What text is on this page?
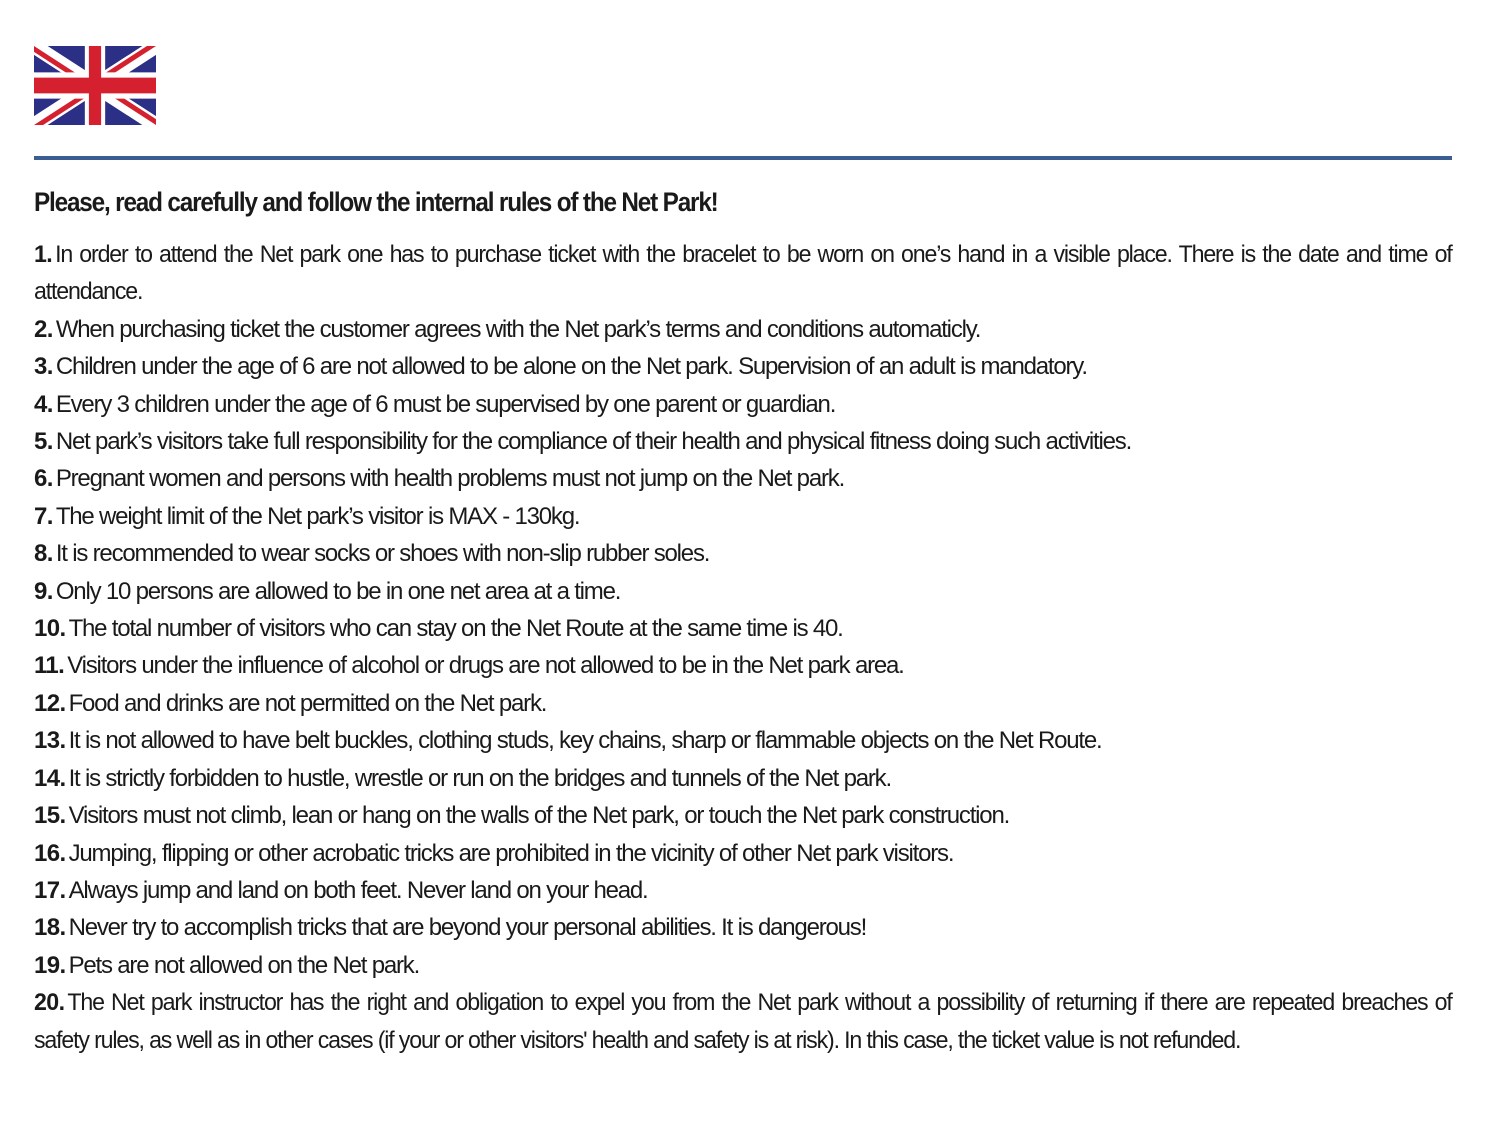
Please, read carefully and follow the internal rules of the Net Park!
1. In order to attend the Net park one has to purchase ticket with the bracelet to be worn on one’s hand in a visible place. There is the date and time of attendance.
2. When purchasing ticket the customer agrees with the Net park’s terms and conditions automaticly.
3. Children under the age of 6 are not allowed to be alone on the Net park. Supervision of an adult is mandatory.
4. Every 3 children under the age of 6 must be supervised by one parent or guardian.
5. Net park’s visitors take full responsibility for the compliance of their health and physical fitness doing such activities.
6. Pregnant women and persons with health problems must not jump on the Net park.
7. The weight limit of the Net park’s visitor is MAX - 130kg.
8. It is recommended to wear socks or shoes with non-slip rubber soles.
9. Only 10 persons are allowed to be in one net area at a time.
10. The total number of visitors who can stay on the Net Route at the same time is 40.
11. Visitors under the influence of alcohol or drugs are not allowed to be in the Net park area.
12. Food and drinks are not permitted on the Net park.
13. It is not allowed to have belt buckles, clothing studs, key chains, sharp or flammable objects on the Net Route.
14. It is strictly forbidden to hustle, wrestle or run on the bridges and tunnels of the Net park.
15. Visitors must not climb, lean or hang on the walls of the Net park, or touch the Net park construction.
16. Jumping, flipping or other acrobatic tricks are prohibited in the vicinity of other Net park visitors.
17. Always jump and land on both feet. Never land on your head.
18. Never try to accomplish tricks that are beyond your personal abilities. It is dangerous!
19. Pets are not allowed on the Net park.
20. The Net park instructor has the right and obligation to expel you from the Net park without a possibility of returning if there are repeated breaches of safety rules, as well as in other cases (if your or other visitors' health and safety is at risk). In this case, the ticket value is not refunded.
